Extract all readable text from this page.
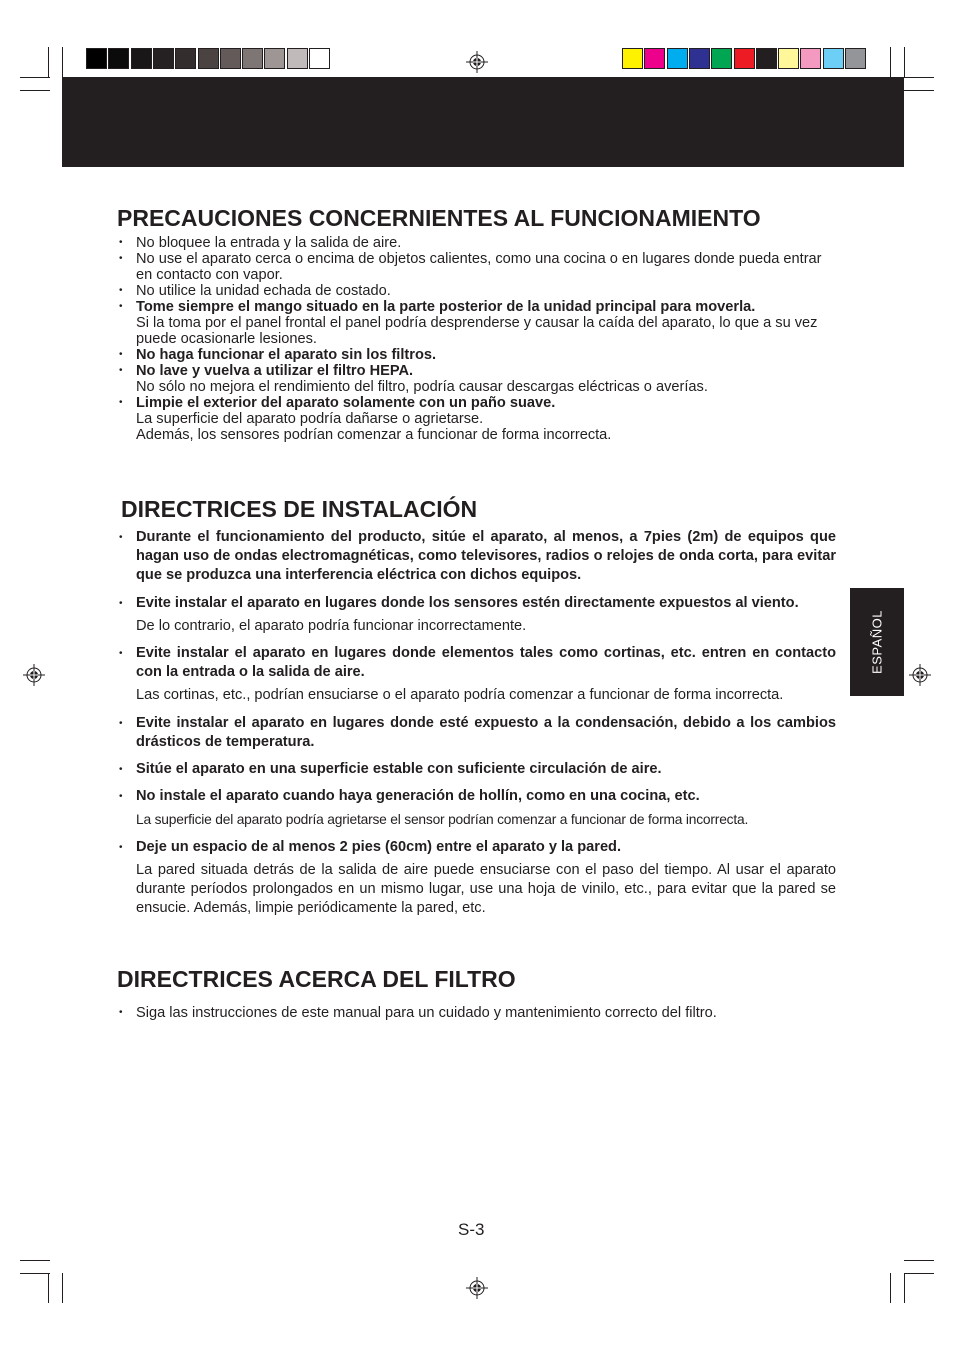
PRECAUCIONES CONCERNIENTES AL FUNCIONAMIENTO
• No bloquee la entrada y la salida de aire.
• No use el aparato cerca o encima de objetos calientes, como una cocina o en lugares donde pueda entrar en contacto con vapor.
• No utilice la unidad echada de costado.
• Tome siempre el mango situado en la parte posterior de la unidad principal para moverla.
Si la toma por el panel frontal el panel podría desprenderse y causar la caída del aparato, lo que a su vez puede ocasionarle lesiones.
• No haga funcionar el aparato sin los filtros.
• No lave y vuelva a utilizar el filtro HEPA.
No sólo no mejora el rendimiento del filtro, podría causar descargas eléctricas o averías.
• Limpie el exterior del aparato solamente con un paño suave.
La superficie del aparato podría dañarse o agrietarse.
Además, los sensores podrían comenzar a funcionar de forma incorrecta.
DIRECTRICES DE INSTALACIÓN
• Durante el funcionamiento del producto, sitúe el aparato, al menos, a 7pies (2m) de equipos que hagan uso de ondas electromagnéticas, como televisores, radios o relojes de onda corta, para evitar que se produzca una interferencia eléctrica con dichos equipos.
• Evite instalar el aparato en lugares donde los sensores estén directamente expuestos al viento.
De lo contrario, el aparato podría funcionar incorrectamente.
• Evite instalar el aparato en lugares donde elementos tales como cortinas, etc. entren en contacto con la entrada o la salida de aire.
Las cortinas, etc., podrían ensuciarse o el aparato podría comenzar a funcionar de forma incorrecta.
• Evite instalar el aparato en lugares donde esté expuesto a la condensación, debido a los cambios drásticos de temperatura.
• Sitúe el aparato en una superficie estable con suficiente circulación de aire.
• No instale el aparato cuando haya generación de hollín, como en una cocina, etc.
La superficie del aparato podría agrietarse el sensor podrían comenzar a funcionar de forma incorrecta.
• Deje un espacio de al menos 2 pies (60cm) entre el aparato y la pared.
La pared situada detrás de la salida de aire puede ensuciarse con el paso del tiempo. Al usar el aparato durante períodos prolongados en un mismo lugar, use una hoja de vinilo, etc., para evitar que la pared se ensucie. Además, limpie periódicamente la pared, etc.
DIRECTRICES ACERCA DEL FILTRO
• Siga las instrucciones de este manual para un cuidado y mantenimiento correcto del filtro.
ESPAÑOL
S-3
